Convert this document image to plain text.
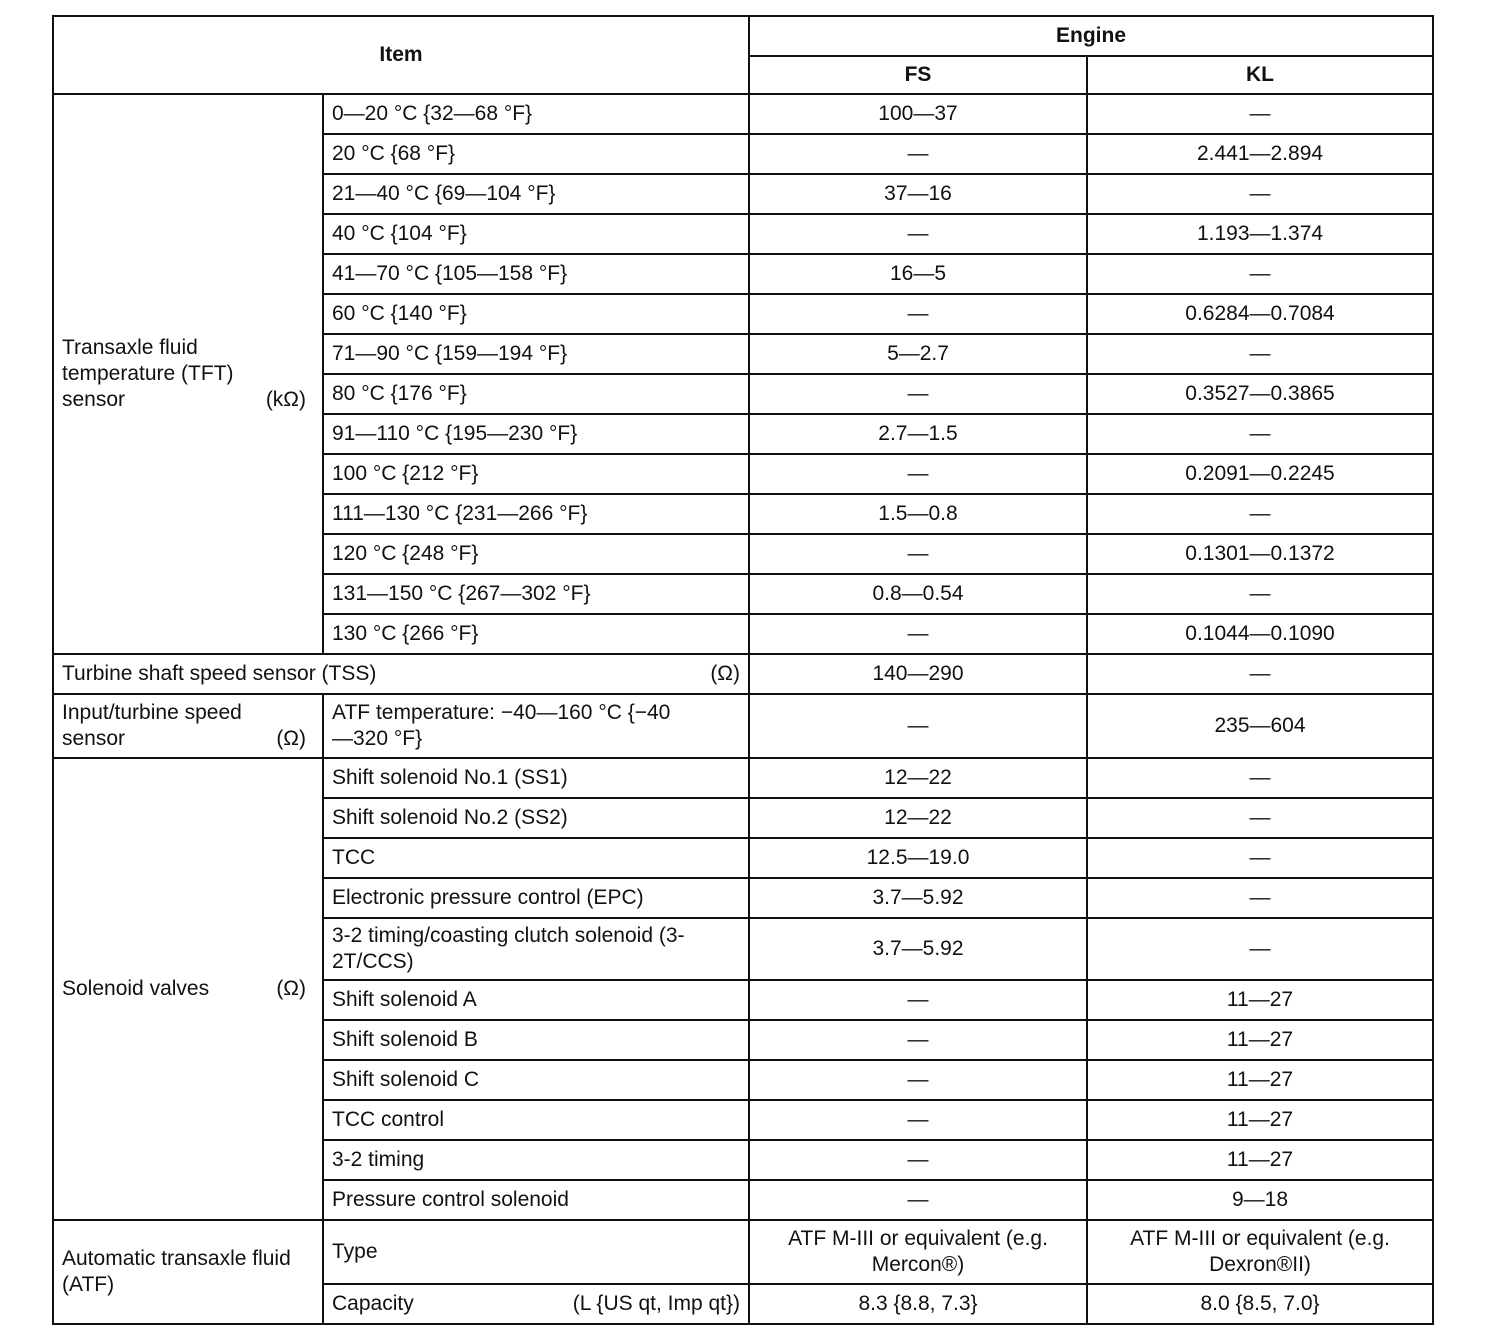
Item		Engine	
		FS	KL

Transaxle fluid temperature (TFT) sensor (kΩ)	0—20 °C {32—68 °F}	100—37	—
	20 °C {68 °F}	—	2.441—2.894
	21—40 °C {69—104 °F}	37—16	—
	40 °C {104 °F}	—	1.193—1.374
	41—70 °C {105—158 °F}	16—5	—
	60 °C {140 °F}	—	0.6284—0.7084
	71—90 °C {159—194 °F}	5—2.7	—
	80 °C {176 °F}	—	0.3527—0.3865
	91—110 °C {195—230 °F}	2.7—1.5	—
	100 °C {212 °F}	—	0.2091—0.2245
	111—130 °C {231—266 °F}	1.5—0.8	—
	120 °C {248 °F}	—	0.1301—0.1372
	131—150 °C {267—302 °F}	0.8—0.54	—
	130 °C {266 °F}	—	0.1044—0.1090

Turbine shaft speed sensor (TSS) (Ω)		140—290	—

Input/turbine speed sensor (Ω)	ATF temperature: −40—160 °C {−40—320 °F}	—	235—604

Solenoid valves (Ω)	Shift solenoid No.1 (SS1)	12—22	—
	Shift solenoid No.2 (SS2)	12—22	—
	TCC	12.5—19.0	—
	Electronic pressure control (EPC)	3.7—5.92	—
	3-2 timing/coasting clutch solenoid (3-2T/CCS)	3.7—5.92	—
	Shift solenoid A	—	11—27
	Shift solenoid B	—	11—27
	Shift solenoid C	—	11—27
	TCC control	—	11—27
	3-2 timing	—	11—27
	Pressure control solenoid	—	9—18
Automatic transaxle fluid (ATF)	Type	ATF M-III or equivalent (e.g. Mercon®)	ATF M-III or equivalent (e.g. Dexron®II)

	Capacity (L {US qt, Imp qt})	8.3 {8.8, 7.3}	8.0 {8.5, 7.0}
